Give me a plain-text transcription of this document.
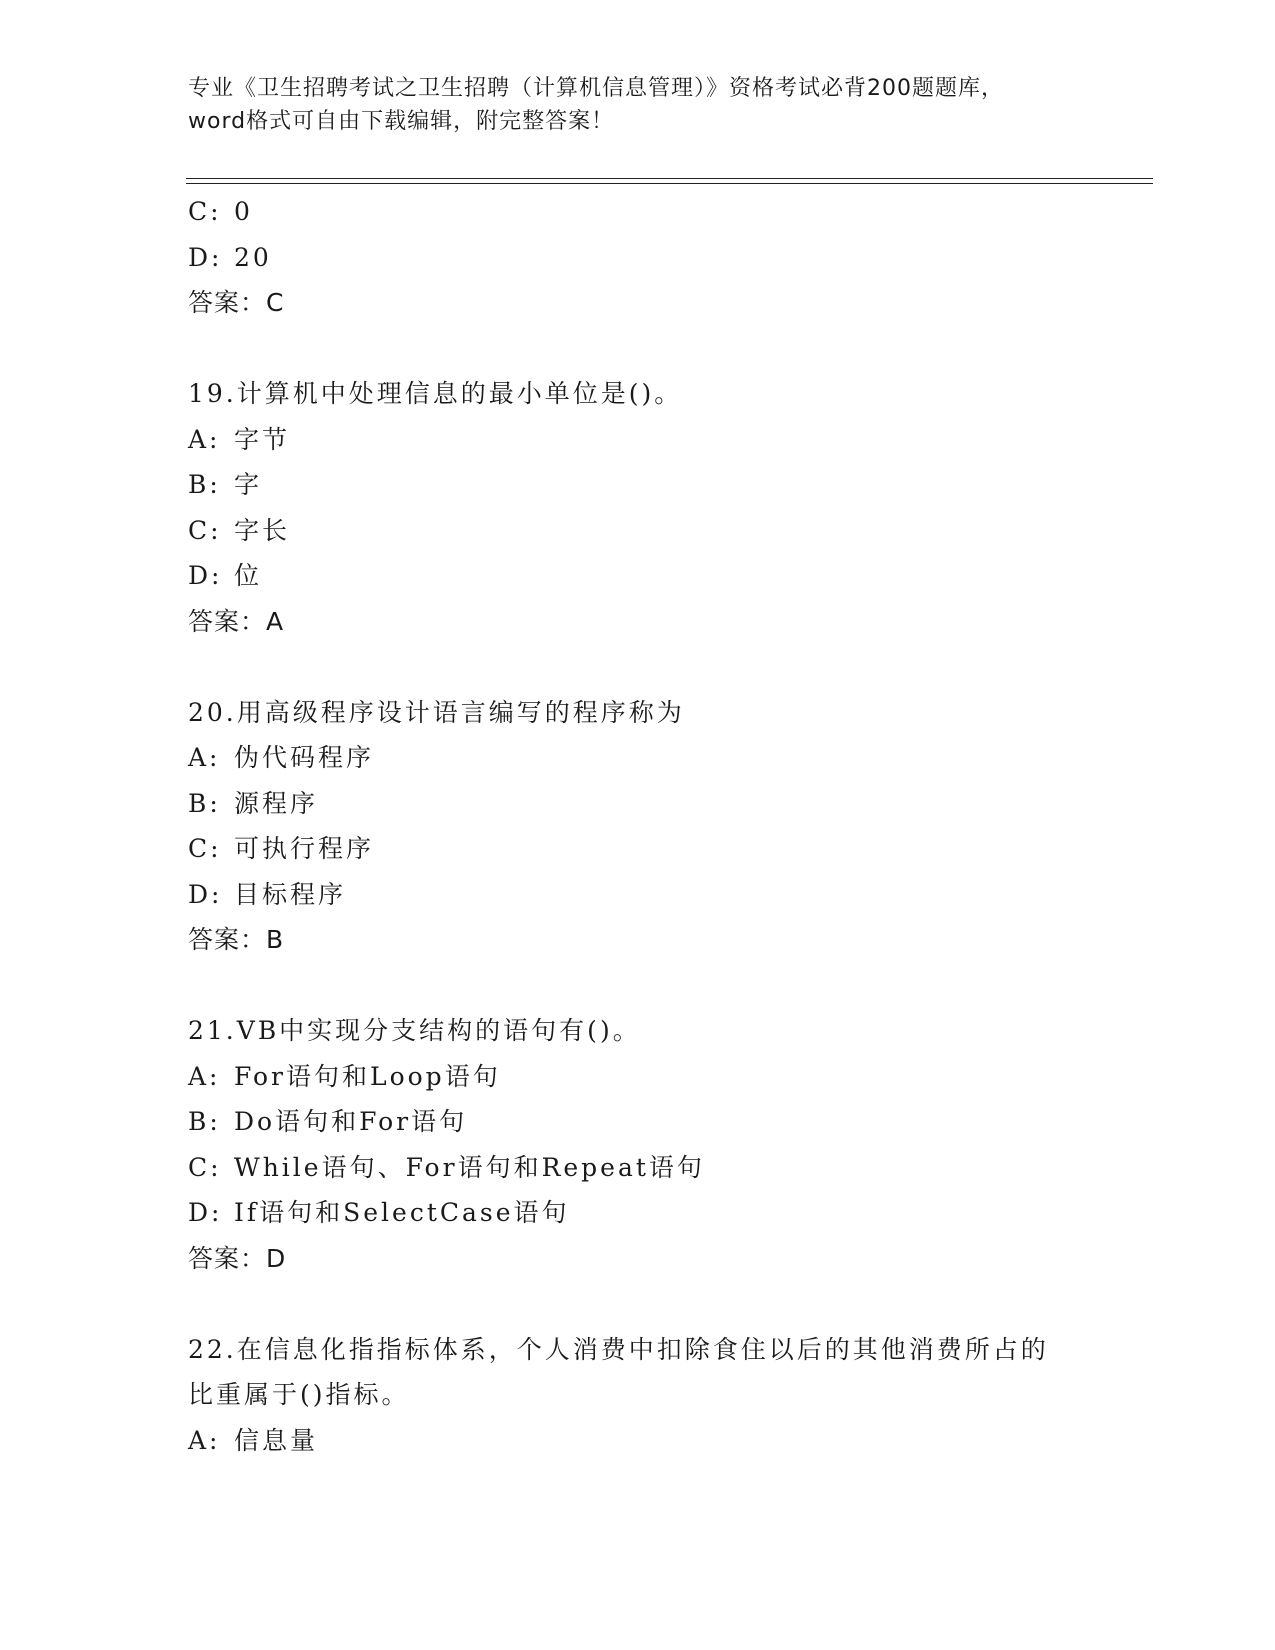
专业《卫生招聘考试之卫生招聘（计算机信息管理）》资格考试必背200题题库，
word格式可自由下载编辑，附完整答案！
C: 0
D: 20
答案：C
19.计算机中处理信息的最小单位是()。
A: 字节
B: 字
C: 字长
D: 位
答案：A
20.用高级程序设计语言编写的程序称为
A: 伪代码程序
B: 源程序
C: 可执行程序
D: 目标程序
答案：B
21.VB中实现分支结构的语句有()。
A: For语句和Loop语句
B: Do语句和For语句
C: While语句、For语句和Repeat语句
D: If语句和SelectCase语句
答案：D
22.在信息化指指标体系，个人消费中扣除食住以后的其他消费所占的
比重属于()指标。
A: 信息量
